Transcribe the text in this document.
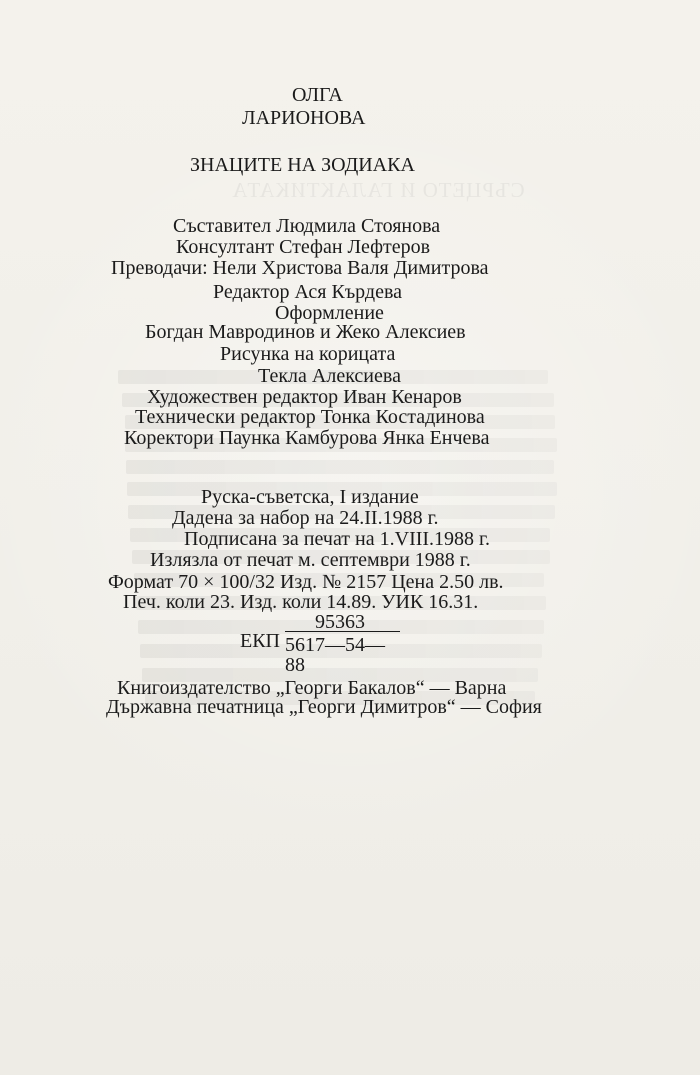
СЪРЦЕТО И ГАЛАКТИКАТА
ОЛГА
ЛАРИОНОВА
ЗНАЦИТЕ НА ЗОДИАКА
Съставител Людмила Стоянова
Консултант Стефан Лефтеров
Преводачи: Нели Христова Валя Димитрова
Редактор Ася Кърдева
Оформление
Богдан Мавродинов и Жеко Алексиев
Рисунка на корицата
Текла Алексиева
Художествен редактор Иван Кенаров
Технически редактор Тонка Костадинова
Коректори Паунка Камбурова Янка Енчева
Руска-съветска, I издание
Дадена за набор на 24.II.1988 г.
Подписана за печат на 1.VIII.1988 г.
Излязла от печат м. септември 1988 г.
Формат 70 × 100/32 Изд. № 2157 Цена 2.50 лв.
Печ. коли 23. Изд. коли 14.89. УИК 16.31.
95363
ЕКП 5617—54—88
Книгоиздателство „Георги Бакалов“ — Варна
Държавна печатница „Георги Димитров“ — София
